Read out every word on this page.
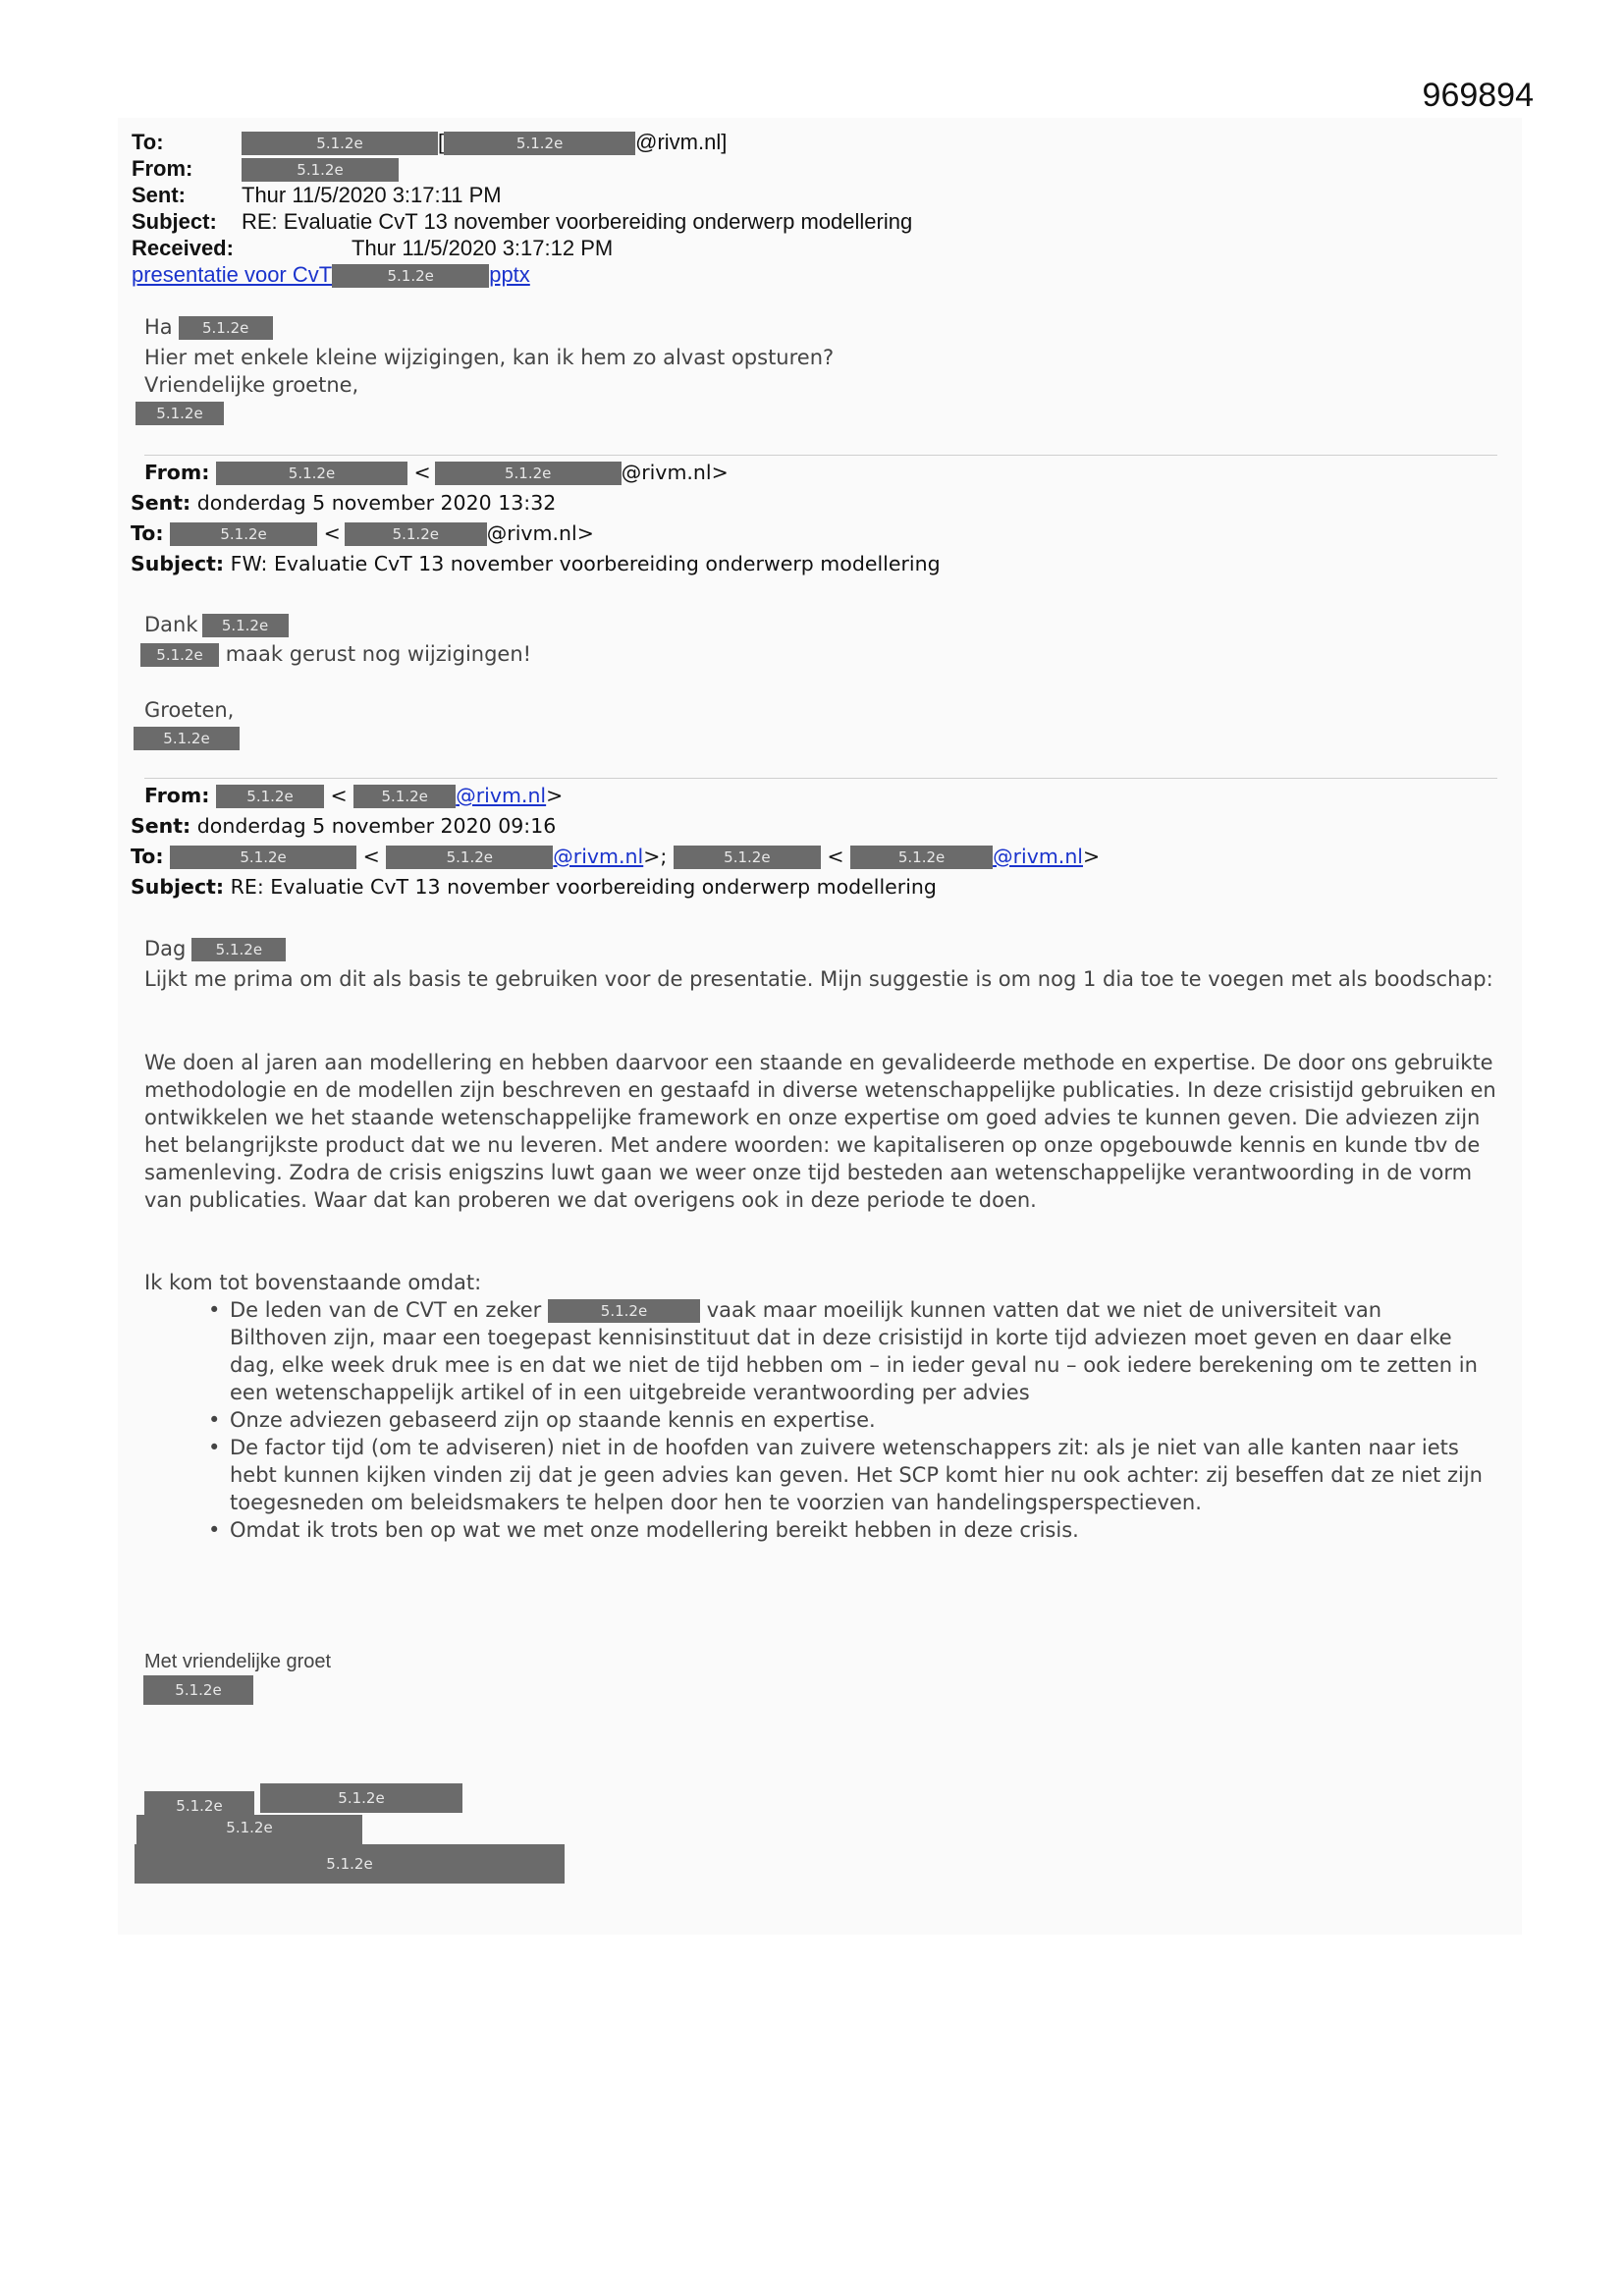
969894
To:	5.1.2e	[	5.1.2e	@rivm.nl]
From:	5.1.2e
Sent:	Thur 11/5/2020 3:17:11 PM
Subject: RE: Evaluatie CvT 13 november voorbereiding onderwerp modellering
Received:	Thur 11/5/2020 3:17:12 PM
presentatie voor CvT	5.1.2e	pptx
Ha 5.1.2e
Hier met enkele kleine wijzigingen, kan ik hem zo alvast opsturen?
Vriendelijke groetne,
5.1.2e
From:	5.1.2e	<	5.1.2e	@rivm.nl>
Sent: donderdag 5 november 2020 13:32
To:	5.1.2e	<	5.1.2e @rivm.nl>
Subject: FW: Evaluatie CvT 13 november voorbereiding onderwerp modellering
Dank 5.1.2e
5.1.2e maak gerust nog wijzigingen!
Groeten,
5.1.2e
From:	5.1.2e < 5.1.2e @rivm.nl>
Sent: donderdag 5 november 2020 09:16
To:	5.1.2e	<	5.1.2e	@rivm.nl>;	5.1.2e	<	5.1.2e @rivm.nl>
Subject: RE: Evaluatie CvT 13 november voorbereiding onderwerp modellering
Dag 5.1.2e
Lijkt me prima om dit als basis te gebruiken voor de presentatie. Mijn suggestie is om nog 1 dia toe te voegen met als boodschap:
We doen al jaren aan modellering en hebben daarvoor een staande en gevalideerde methode en expertise. De door ons gebruikte methodologie en de modellen zijn beschreven en gestaafd in diverse wetenschappelijke publicaties. In deze crisistijd gebruiken en ontwikkelen we het staande wetenschappelijke framework en onze expertise om goed advies te kunnen geven. Die adviezen zijn het belangrijkste product dat we nu leveren. Met andere woorden: we kapitaliseren op onze opgebouwde kennis en kunde tbv de samenleving. Zodra de crisis enigszins luwt gaan we weer onze tijd besteden aan wetenschappelijke verantwoording in de vorm van publicaties. Waar dat kan proberen we dat overigens ook in deze periode te doen.
Ik kom tot bovenstaande omdat:
• De leden van de CVT en zeker	5.1.2e	vaak maar moeilijk kunnen vatten dat we niet de universiteit van Bilthoven zijn, maar een toegepast kennisinstituut dat in deze crisistijd in korte tijd adviezen moet geven en daar elke dag, elke week druk mee is en dat we niet de tijd hebben om – in ieder geval nu – ook iedere berekening om te zetten in een wetenschappelijk artikel of in een uitgebreide verantwoording per advies
• Onze adviezen gebaseerd zijn op staande kennis en expertise.
• De factor tijd (om te adviseren) niet in de hoofden van zuivere wetenschappers zit: als je niet van alle kanten naar iets hebt kunnen kijken vinden zij dat je geen advies kan geven. Het SCP komt hier nu ook achter: zij beseffen dat ze niet zijn toegesneden om beleidsmakers te helpen door hen te voorzien van handelingsperspectieven.
• Omdat ik trots ben op wat we met onze modellering bereikt hebben in deze crisis.
Met vriendelijke groet
5.1.2e
5.1.2e	5.1.2e
5.1.2e
5.1.2e
